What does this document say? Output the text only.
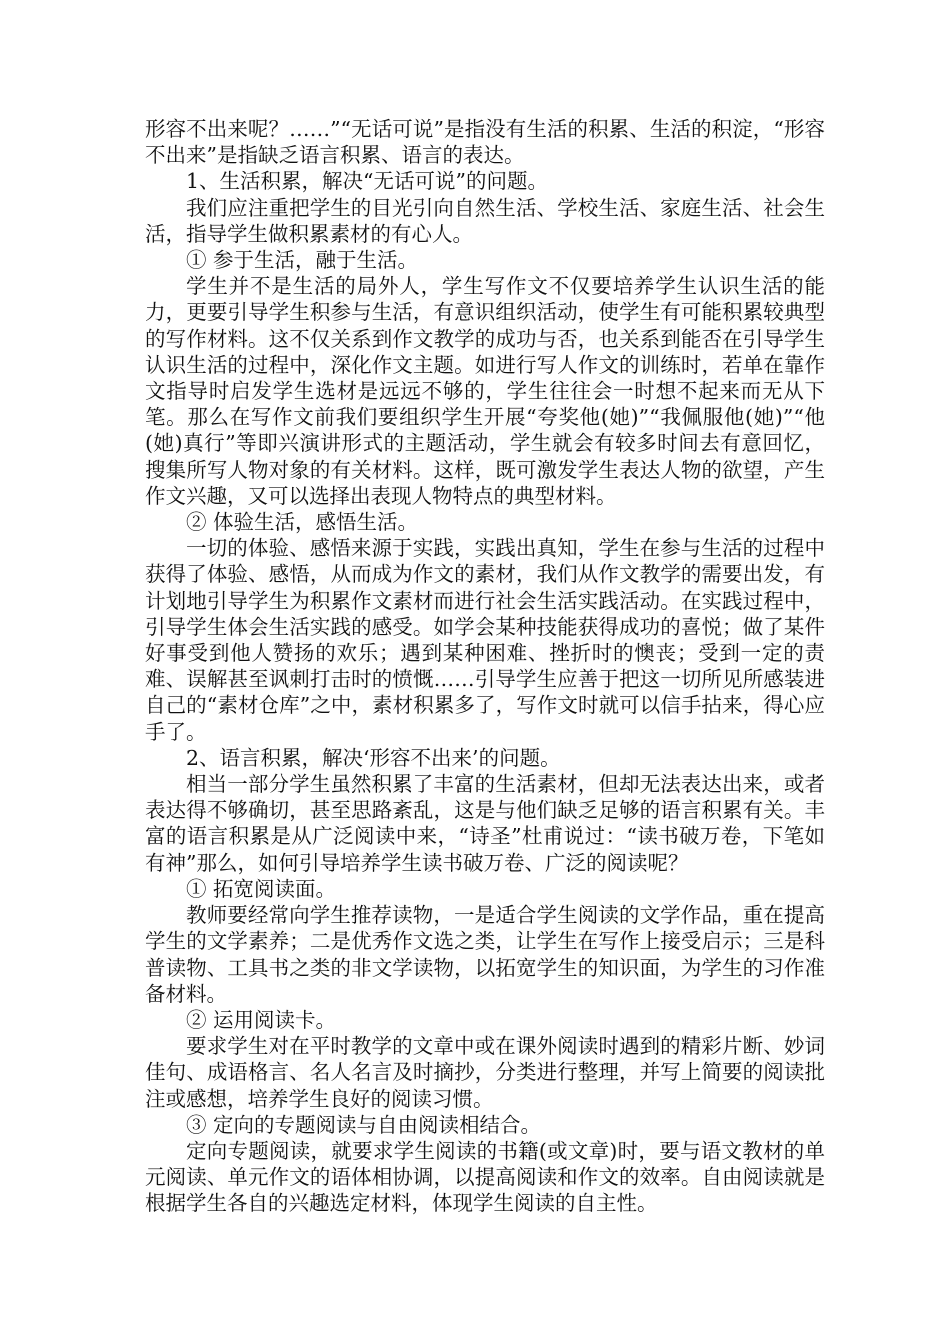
形容不出来呢？……”“无话可说”是指没有生活的积累、生活的积淀，“形容不出来”是指缺乏语言积累、语言的表达。

1、生活积累，解决“无话可说”的问题。

我们应注重把学生的目光引向自然生活、学校生活、家庭生活、社会生活，指导学生做积累素材的有心人。

① 参于生活，融于生活。

学生并不是生活的局外人，学生写作文不仅要培养学生认识生活的能力，更要引导学生积参与生活，有意识组织活动，使学生有可能积累较典型的写作材料。这不仅关系到作文教学的成功与否，也关系到能否在引导学生认识生活的过程中，深化作文主题。如进行写人作文的训练时，若单在靠作文指导时启发学生选材是远远不够的，学生往往会一时想不起来而无从下笔。那么在写作文前我们要组织学生开展“夸奖他(她)”“我佩服他(她)”“他(她)真行”等即兴演讲形式的主题活动，学生就会有较多时间去有意回忆，搜集所写人物对象的有关材料。这样，既可激发学生表达人物的欲望，产生作文兴趣，又可以选择出表现人物特点的典型材料。

② 体验生活，感悟生活。

一切的体验、感悟来源于实践，实践出真知，学生在参与生活的过程中获得了体验、感悟，从而成为作文的素材，我们从作文教学的需要出发，有计划地引导学生为积累作文素材而进行社会生活实践活动。在实践过程中，引导学生体会生活实践的感受。如学会某种技能获得成功的喜悦；做了某件好事受到他人赞扬的欢乐；遇到某种困难、挫折时的懊丧；受到一定的责难、误解甚至讽刺打击时的愤慨……引导学生应善于把这一切所见所感装进自己的“素材仓库”之中，素材积累多了，写作文时就可以信手拈来，得心应手了。

2、语言积累，解决‘形容不出来’的问题。

相当一部分学生虽然积累了丰富的生活素材，但却无法表达出来，或者表达得不够确切，甚至思路紊乱，这是与他们缺乏足够的语言积累有关。丰富的语言积累是从广泛阅读中来，“诗圣”杜甫说过：“读书破万卷，下笔如有神”那么，如何引导培养学生读书破万卷、广泛的阅读呢？

① 拓宽阅读面。

教师要经常向学生推荐读物，一是适合学生阅读的文学作品，重在提高学生的文学素养；二是优秀作文选之类，让学生在写作上接受启示；三是科普读物、工具书之类的非文学读物，以拓宽学生的知识面，为学生的习作准备材料。

② 运用阅读卡。

要求学生对在平时教学的文章中或在课外阅读时遇到的精彩片断、妙词佳句、成语格言、名人名言及时摘抄，分类进行整理，并写上简要的阅读批注或感想，培养学生良好的阅读习惯。

③ 定向的专题阅读与自由阅读相结合。

定向专题阅读，就要求学生阅读的书籍(或文章)时，要与语文教材的单元阅读、单元作文的语体相协调，以提高阅读和作文的效率。自由阅读就是根据学生各自的兴趣选定材料，体现学生阅读的自主性。
